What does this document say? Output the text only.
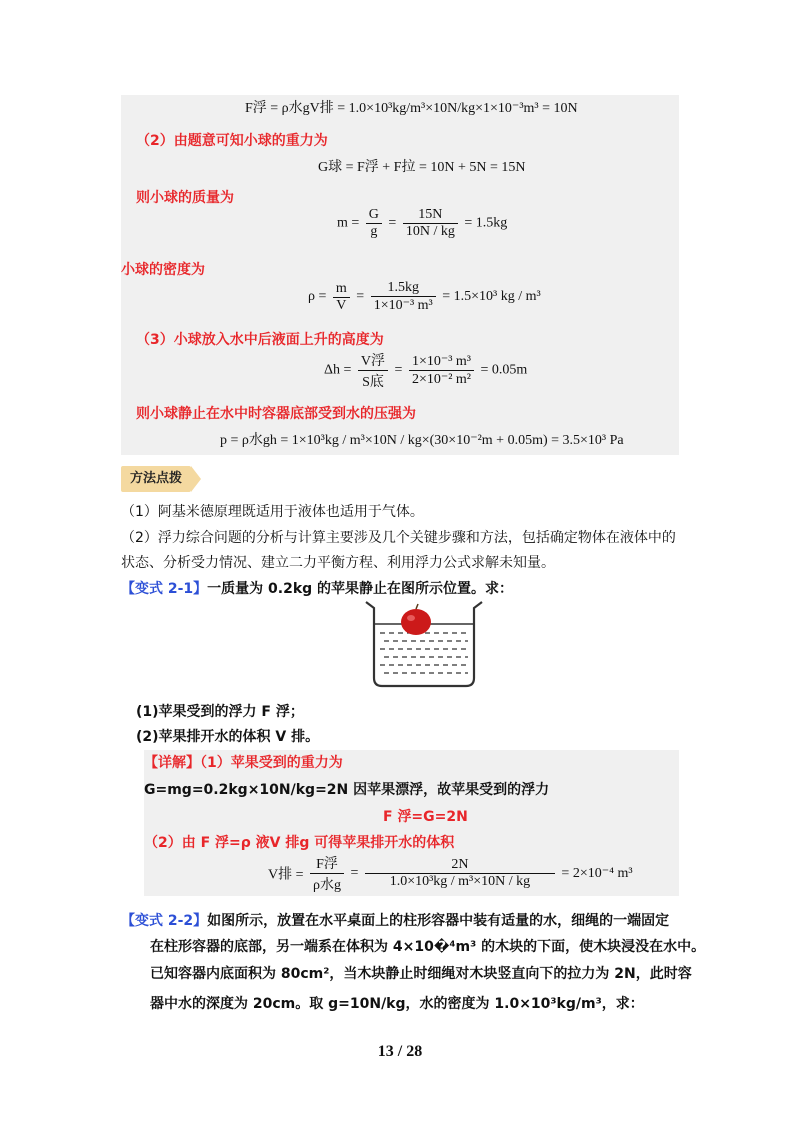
F浮 = ρ水gV排 = 1.0×10³kg/m³×10N/kg×1×10⁻³m³ = 10N
（2）由题意可知小球的重力为
G球 = F浮 + F拉 = 10N + 5N = 15N
则小球的质量为
$m = \frac{G}{g} = \frac{15N}{10N / kg} = 1.5kg$
小球的密度为
$\rho = \frac{m}{V} = \frac{1.5kg}{\text{1×10⁻³ m³}} = 1.5\times 10^3$ kg / m³
（3）小球放入水中后液面上升的高度为
$\Delta h = \frac{\text{V浮}}{\text{S底}} = \frac{\text{1×10⁻³ m³}}{\text{2×10⁻² m²}} = 0.05m$
则小球静止在水中时容器底部受到水的压强为
p = ρ水gh = 1×10³kg / m³×10N / kg×(30×10⁻²m + 0.05m) = 3.5×10³ Pa
方法点拨
（1）阿基米德原理既适用于液体也适用于气体。
（2）浮力综合问题的分析与计算主要涉及几个关键步骤和方法，包括确定物体在液体中的
状态、分析受力情况、建立二力平衡方程、利用浮力公式求解未知量。
【变式 2-1】一质量为 0.2kg 的苹果静止在图所示位置。求：
(1)苹果受到的浮力 F 浮；
(2)苹果排开水的体积 V 排。
【详解】（1）苹果受到的重力为
G=mg=0.2kg×10N/kg=2N 因苹果漂浮，故苹果受到的浮力
F 浮=G=2N
（2）由 F 浮=ρ 液V 排g 可得苹果排开水的体积
V排 = $\frac{\text{F浮}}{\text{ρ水g}} = \frac{2N}{\text{1.0×10³kg / m³×10N / kg}} = 2\times 10^{-4}$ m³
【变式 2-2】如图所示，放置在水平桌面上的柱形容器中装有适量的水，细绳的一端固定
在柱形容器的底部，另一端系在体积为 4×10�⁴m³ 的木块的下面，使木块浸没在水中。
已知容器内底面积为 80cm²，当木块静止时细绳对木块竖直向下的拉力为 2N，此时容
器中水的深度为 20cm。取 g=10N/kg，水的密度为 1.0×10³kg/m³，求：
13 / 28
